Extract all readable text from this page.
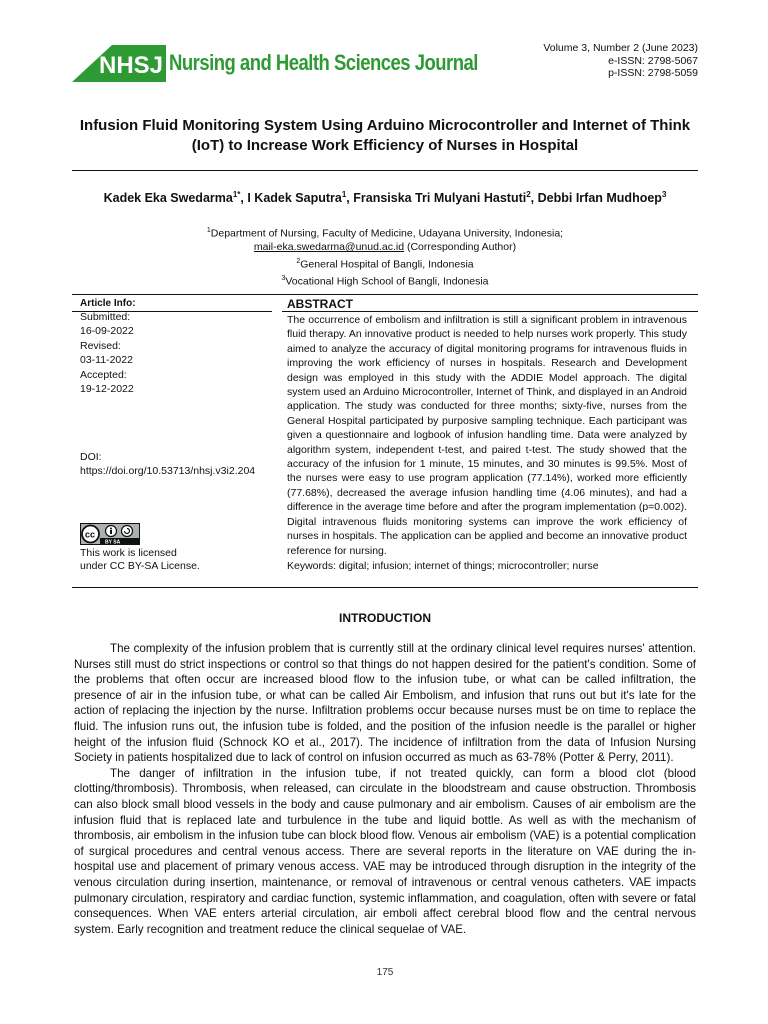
NHSJ Nursing and Health Sciences Journal
Volume 3, Number 2 (June 2023)
e-ISSN: 2798-5067
p-ISSN: 2798-5059
Infusion Fluid Monitoring System Using Arduino Microcontroller and Internet of Think
(IoT) to Increase Work Efficiency of Nurses in Hospital
Kadek Eka Swedarma$^{1*}$, I Kadek Saputra$^1$, Fransiska Tri Mulyani Hastuti$^2$, Debbi Irfan Mudhoep$^3$
$^1$Department of Nursing, Faculty of Medicine, Udayana University, Indonesia;
mail-eka.swedarma@unud.ac.id (Corresponding Author)
$^2$General Hospital of Bangli, Indonesia
$^3$Vocational High School of Bangli, Indonesia
Article Info:
Submitted:
16-09-2022
Revised:
03-11-2022
Accepted:
19-12-2022
DOI:
https://doi.org/10.53713/nhsj.v3i2.204
cc
BY SA
This work is licensed
under CC BY-SA License.
ABSTRACT

The occurrence of embolism and infiltration is still a significant problem in intravenous fluid therapy. An innovative product is needed to help nurses work properly. This study aimed to analyze the accuracy of digital monitoring programs for intravenous fluids in improving the work efficiency of nurses in hospitals. Research and Development design was employed in this study with the ADDIE Model approach. The digital system used an Arduino Microcontroller, Internet of Think, and displayed in an Android application. The study was conducted for three months; sixty-five, nurses from the General Hospital participated by purposive sampling technique. Each participant was given a questionnaire and logbook of infusion handling time. Data were analyzed by algorithm system, independent t-test, and paired t-test. The study showed that the accuracy of the infusion for 1 minute, 15 minutes, and 30 minutes is 99.5%. Most of the nurses were easy to use program application (77.14%), worked more efficiently (77.68%), decreased the average infusion handling time (4.06 minutes), and had a difference in the average time before and after the program implementation (p=0.002). Digital intravenous fluids monitoring systems can improve the work efficiency of nurses in hospitals. The application can be applied and become an innovative product reference for nursing.

Keywords: digital; infusion; internet of things; microcontroller; nurse
INTRODUCTION

The complexity of the infusion problem that is currently still at the ordinary clinical level requires nurses' attention. Nurses still must do strict inspections or control so that things do not happen desired for the patient's condition. Some of the problems that often occur are increased blood flow to the infusion tube, or what can be called infiltration, the presence of air in the infusion tube, or what can be called Air Embolism, and infusion that runs out but it's late for the action of replacing the injection by the nurse. Infiltration problems occur because nurses must be on time to replace the fluid. The infusion runs out, the infusion tube is folded, and the position of the infusion needle is the parallel or higher height of the infusion fluid (Schnock KO et al., 2017). The incidence of infiltration from the data of Infusion Nursing Society in patients hospitalized due to lack of control on infusion occurred as much as 63-78% (Potter & Perry, 2011).

The danger of infiltration in the infusion tube, if not treated quickly, can form a blood clot (blood clotting/thrombosis). Thrombosis, when released, can circulate in the bloodstream and cause obstruction. Thrombosis can also block small blood vessels in the body and cause pulmonary and air embolism. Causes of air embolism are the infusion fluid that is replaced late and turbulence in the tube and liquid bottle. As well as with the mechanism of thrombosis, air embolism in the infusion tube can block blood flow. Venous air embolism (VAE) is a potential complication of surgical procedures and central venous access. There are several reports in the literature on VAE during the in-hospital use and placement of primary venous access. VAE may be introduced through disruption in the integrity of the venous circulation during insertion, maintenance, or removal of intravenous or central venous catheters. VAE impacts pulmonary circulation, respiratory and cardiac function, systemic inflammation, and coagulation, often with severe or fatal consequences. When VAE enters arterial circulation, air emboli affect cerebral blood flow and the central nervous system. Early recognition and treatment reduce the clinical sequelae of VAE.

175
